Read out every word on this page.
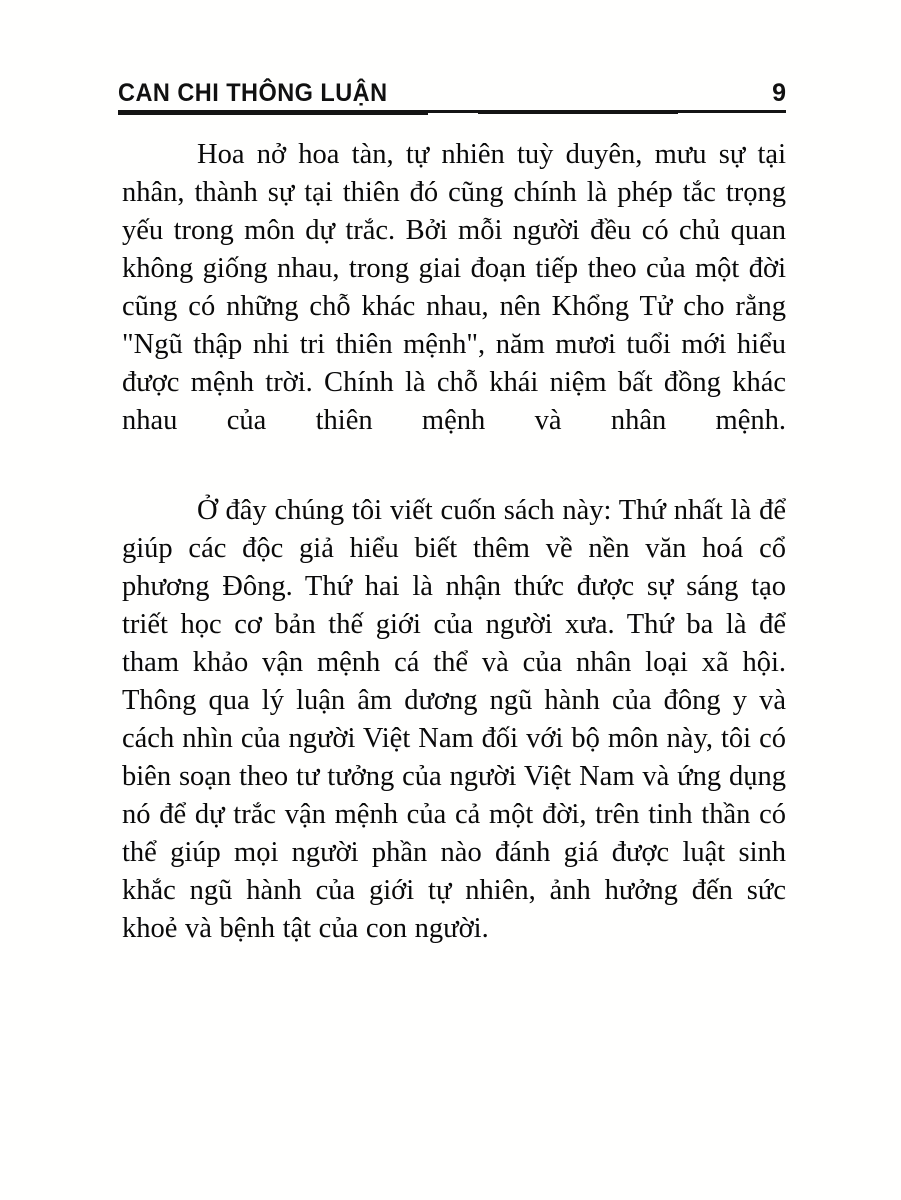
CAN CHI THÔNG LUẬN	9

Hoa nở hoa tàn, tự nhiên tuỳ duyên, mưu sự tại nhân, thành sự tại thiên đó cũng chính là phép tắc trọng yếu trong môn dự trắc. Bởi mỗi người đều có chủ quan không giống nhau, trong giai đoạn tiếp theo của một đời cũng có những chỗ khác nhau, nên Khổng Tử cho rằng "Ngũ thập nhi tri thiên mệnh", năm mươi tuổi mới hiểu được mệnh trời. Chính là chỗ khái niệm bất đồng khác nhau của thiên mệnh và nhân mệnh.

Ở đây chúng tôi viết cuốn sách này: Thứ nhất là để giúp các độc giả hiểu biết thêm về nền văn hoá cổ phương Đông. Thứ hai là nhận thức được sự sáng tạo triết học cơ bản thế giới của người xưa. Thứ ba là để tham khảo vận mệnh cá thể và của nhân loại xã hội. Thông qua lý luận âm dương ngũ hành của đông y và cách nhìn của người Việt Nam đối với bộ môn này, tôi có biên soạn theo tư tưởng của người Việt Nam và ứng dụng nó để dự trắc vận mệnh của cả một đời, trên tinh thần có thể giúp mọi người phần nào đánh giá được luật sinh khắc ngũ hành của giới tự nhiên, ảnh hưởng đến sức khoẻ và bệnh tật của con người.
